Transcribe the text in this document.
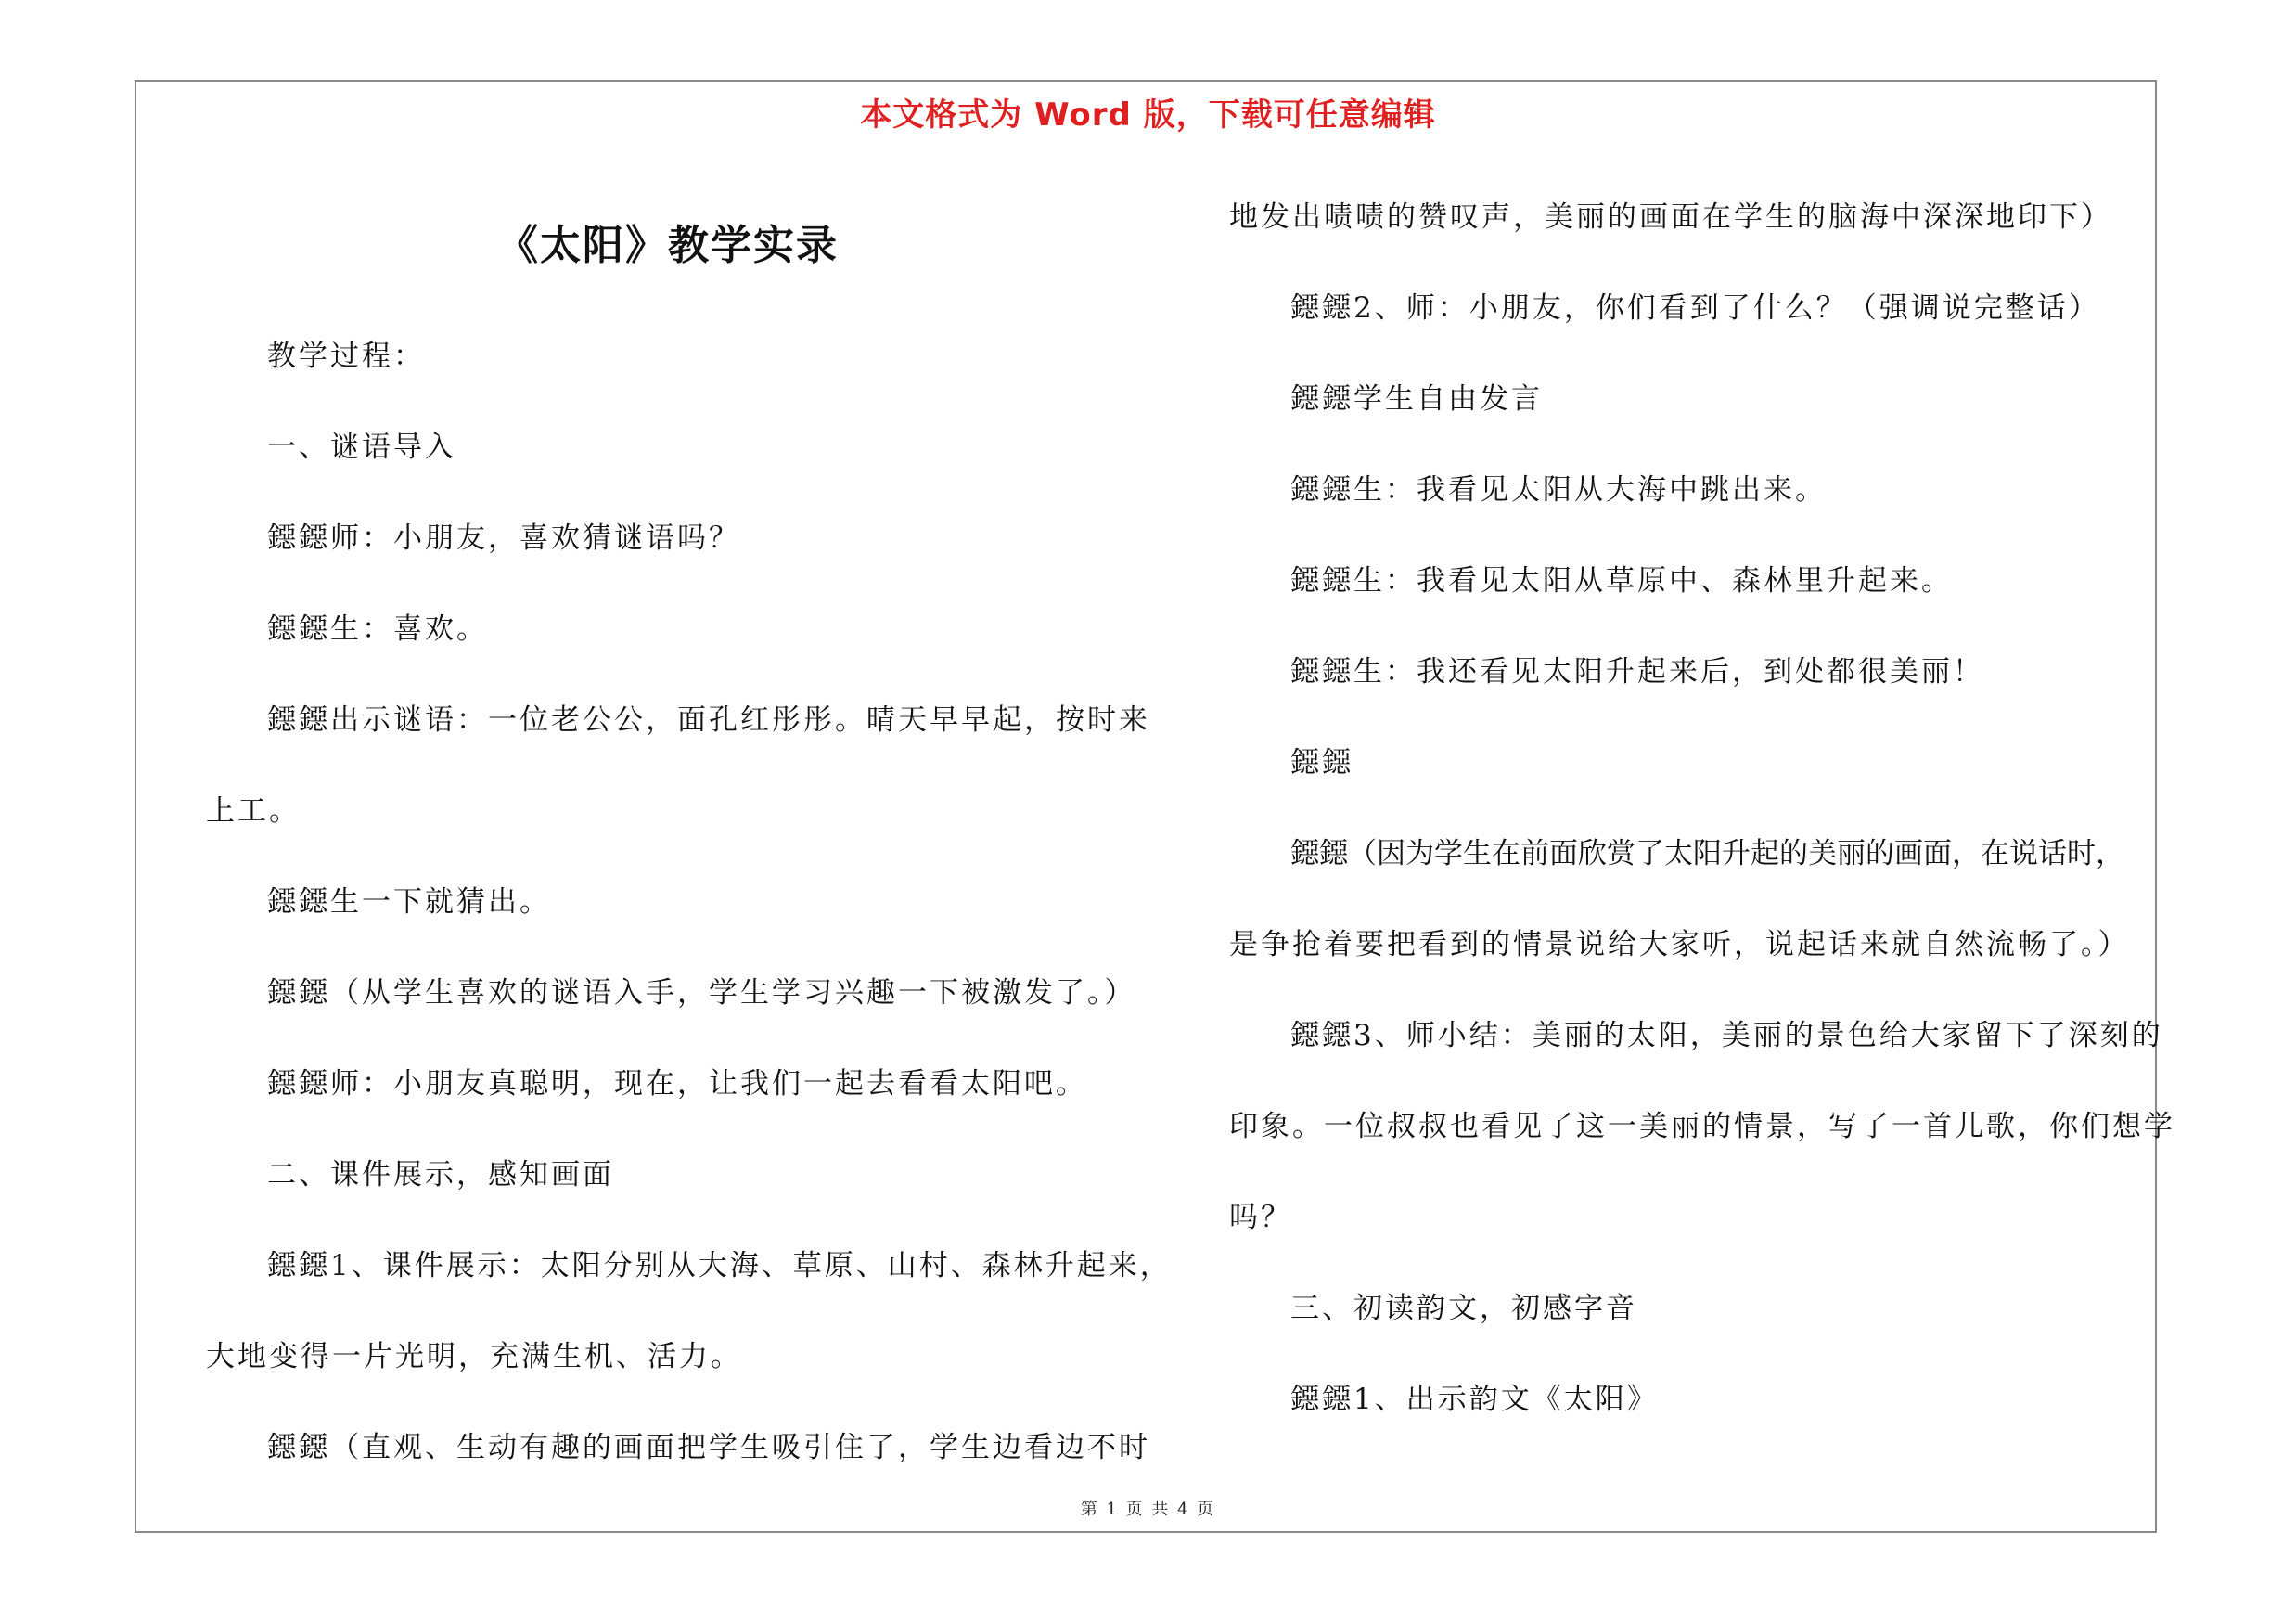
本文格式为 Word 版，下载可任意编辑
《太阳》教学实录
教学过程：
一、谜语导入
鐚鐚师：小朋友，喜欢猜谜语吗？
鐚鐚生：喜欢。
鐚鐚出示谜语：一位老公公，面孔红彤彤。晴天早早起，按时来
上工。
鐚鐚生一下就猜出。
鐚鐚（从学生喜欢的谜语入手，学生学习兴趣一下被激发了。）
鐚鐚师：小朋友真聪明，现在，让我们一起去看看太阳吧。
二、课件展示，感知画面
鐚鐚1、课件展示：太阳分别从大海、草原、山村、森林升起来，
大地变得一片光明，充满生机、活力。
鐚鐚（直观、生动有趣的画面把学生吸引住了，学生边看边不时
地发出啧啧的赞叹声，美丽的画面在学生的脑海中深深地印下）
鐚鐚2、师：小朋友，你们看到了什么？（强调说完整话）
鐚鐚学生自由发言
鐚鐚生：我看见太阳从大海中跳出来。
鐚鐚生：我看见太阳从草原中、森林里升起来。
鐚鐚生：我还看见太阳升起来后，到处都很美丽！
鐚鐚
鐚鐚（因为学生在前面欣赏了太阳升起的美丽的画面，在说话时，
是争抢着要把看到的情景说给大家听，说起话来就自然流畅了。）
鐚鐚3、师小结：美丽的太阳，美丽的景色给大家留下了深刻的
印象。一位叔叔也看见了这一美丽的情景，写了一首儿歌，你们想学
吗？
三、初读韵文，初感字音
鐚鐚1、出示韵文《太阳》
第 1 页 共 4 页
